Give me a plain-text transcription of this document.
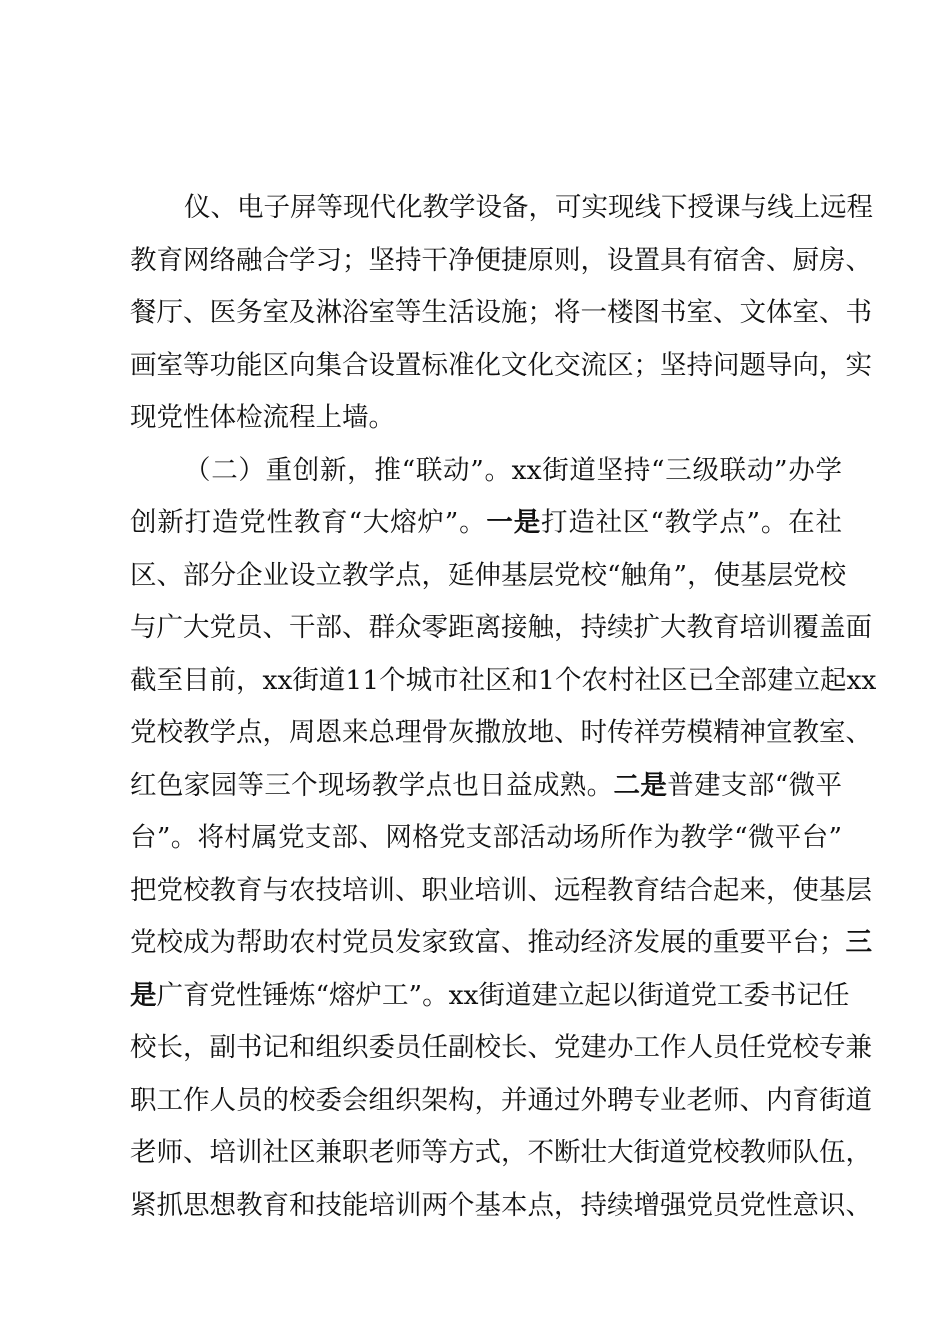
仪、电子屏等现代化教学设备，可实现线下授课与线上远程
教育网络融合学习；坚持干净便捷原则，设置具有宿舍、厨房、
餐厅、医务室及淋浴室等生活设施；将一楼图书室、文体室、书
画室等功能区向集合设置标准化文化交流区；坚持问题导向，实
现党性体检流程上墙。
（二）重创新，推“联动”。xx街道坚持“三级联动”办学
创新打造党性教育“大熔炉”。一是打造社区“教学点”。在社
区、部分企业设立教学点，延伸基层党校“触角”，使基层党校
与广大党员、干部、群众零距离接触，持续扩大教育培训覆盖面
截至目前，xx街道11个城市社区和1个农村社区已全部建立起xx
党校教学点，周恩来总理骨灰撒放地、时传祥劳模精神宣教室、
红色家园等三个现场教学点也日益成熟。二是普建支部“微平
台”。将村属党支部、网格党支部活动场所作为教学“微平台”
把党校教育与农技培训、职业培训、远程教育结合起来，使基层
党校成为帮助农村党员发家致富、推动经济发展的重要平台；三
是广育党性锤炼“熔炉工”。xx街道建立起以街道党工委书记任
校长，副书记和组织委员任副校长、党建办工作人员任党校专兼
职工作人员的校委会组织架构，并通过外聘专业老师、内育街道
老师、培训社区兼职老师等方式，不断壮大街道党校教师队伍，
紧抓思想教育和技能培训两个基本点，持续增强党员党性意识、
